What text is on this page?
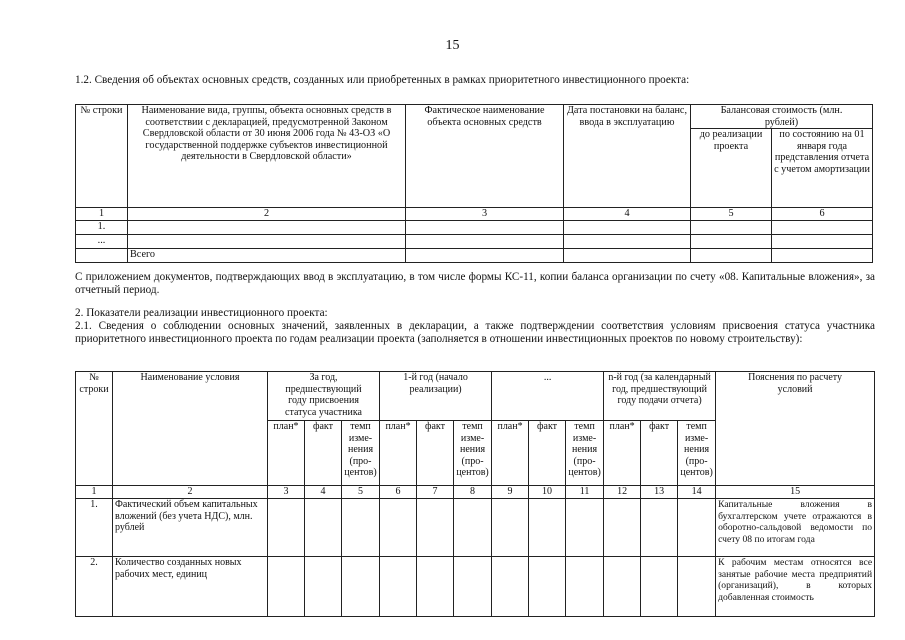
15
1.2. Сведения об объектах основных средств, созданных или приобретенных в рамках приоритетного инвестиционного проекта:
№ строки	Наименование вида, группы, объекта основных средств в соответствии с декларацией, предусмотренной Законом Свердловской области от 30 июня 2006 года № 43-ОЗ «О государственной поддержке субъектов инвестиционной деятельности в Свердловской области»	Фактическое наименование объекта основных средств	Дата постановки на баланс, ввода в эксплуатацию	Балансовая стоимость (млн. рублей)	
				до реализации проекта	по состоянию на 01 января года представления отчета с учетом амортизации
1	2	3	4	5	6
1.					
...					
	Всего				
С приложением документов, подтверждающих ввод в эксплуатацию, в том числе формы КС-11, копии баланса организации по счету «08. Капитальные вложения», за отчетный период.
2. Показатели реализации инвестиционного проекта:
2.1. Сведения о соблюдении основных значений, заявленных в декларации, а также подтверждении соответствия условиям присвоения статуса участника приоритетного инвестиционного проекта по годам реализации проекта (заполняется в отношении инвестиционных проектов по новому строительству):
№ строки	Наименование условия	За год, предшествующий году присвоения статуса участника			1-й год (начало реализации)			...			n-й год (за календарный год, предшествующий году подачи отчета)			Пояснения по расчету условий
		план*	факт	темп изме- нения (про- центов)	план*	факт	темп изме- нения (про- центов)	план*	факт	темп изме- нения (про- центов)	план*	факт	темп изме- нения (про- центов)	
1	2	3	4	5	6	7	8	9	10	11	12	13	14	15
1.	Фактический объем капитальных вложений (без учета НДС), млн. рублей													Капитальные вложения в бухгалтерском учете отражаются в оборотно-сальдовой ведомости по счету 08 по итогам года
2.	Количество созданных новых рабочих мест, единиц													К рабочим местам относятся все занятые рабочие места предприятий (организаций), в которых добавленная стоимость
